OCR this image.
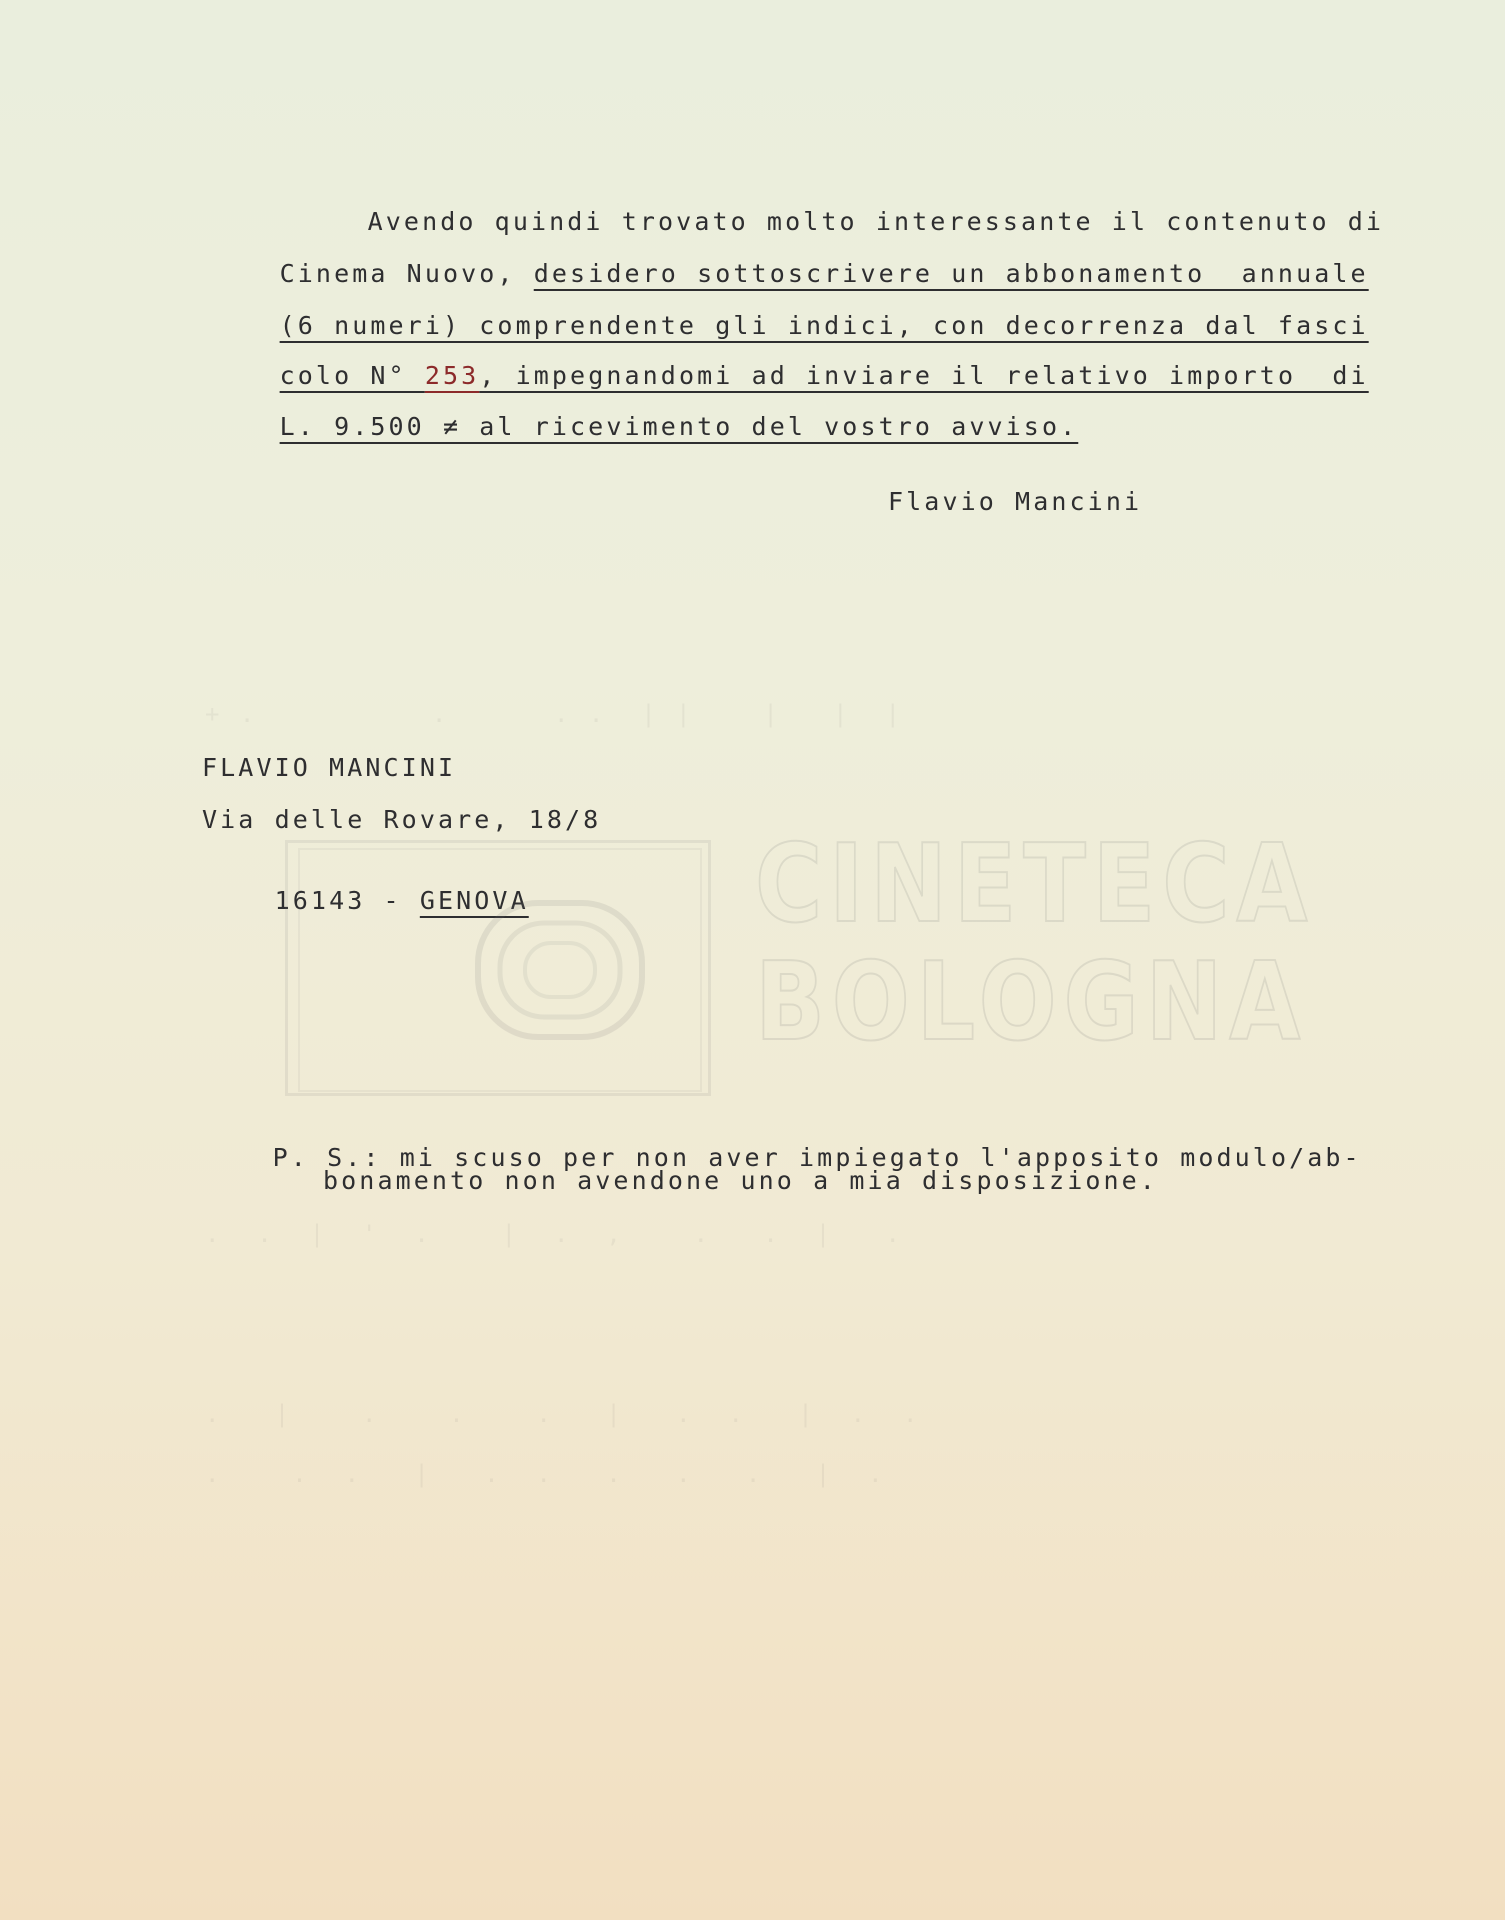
+ .          .      . .  | |    |   |  |
.  .  |  '  .    |  .  ,    .   .  |   .
.   |    .    .    .   |   .  .   |  .  .
.    .  .   |   .  .   .   .   .   |  .

Avendo quindi trovato molto interessante il contenuto di

Cinema Nuovo, desidero sottoscrivere un abbonamento  annuale

(6 numeri) comprendente gli indici, con decorrenza dal fasci

colo N° 253, impegnandomi ad inviare il relativo importo  di

L. 9.500 ≠ al ricevimento del vostro avviso.

Flavio Mancini
FLAVIO MANCINI
Via delle Rovare, 18/8

16143 - GENOVA
CINETECA
BOLOGNA

P. S.: mi scuso per non aver impiegato l'apposito modulo/ab-

bonamento non avendone uno a mia disposizione.
